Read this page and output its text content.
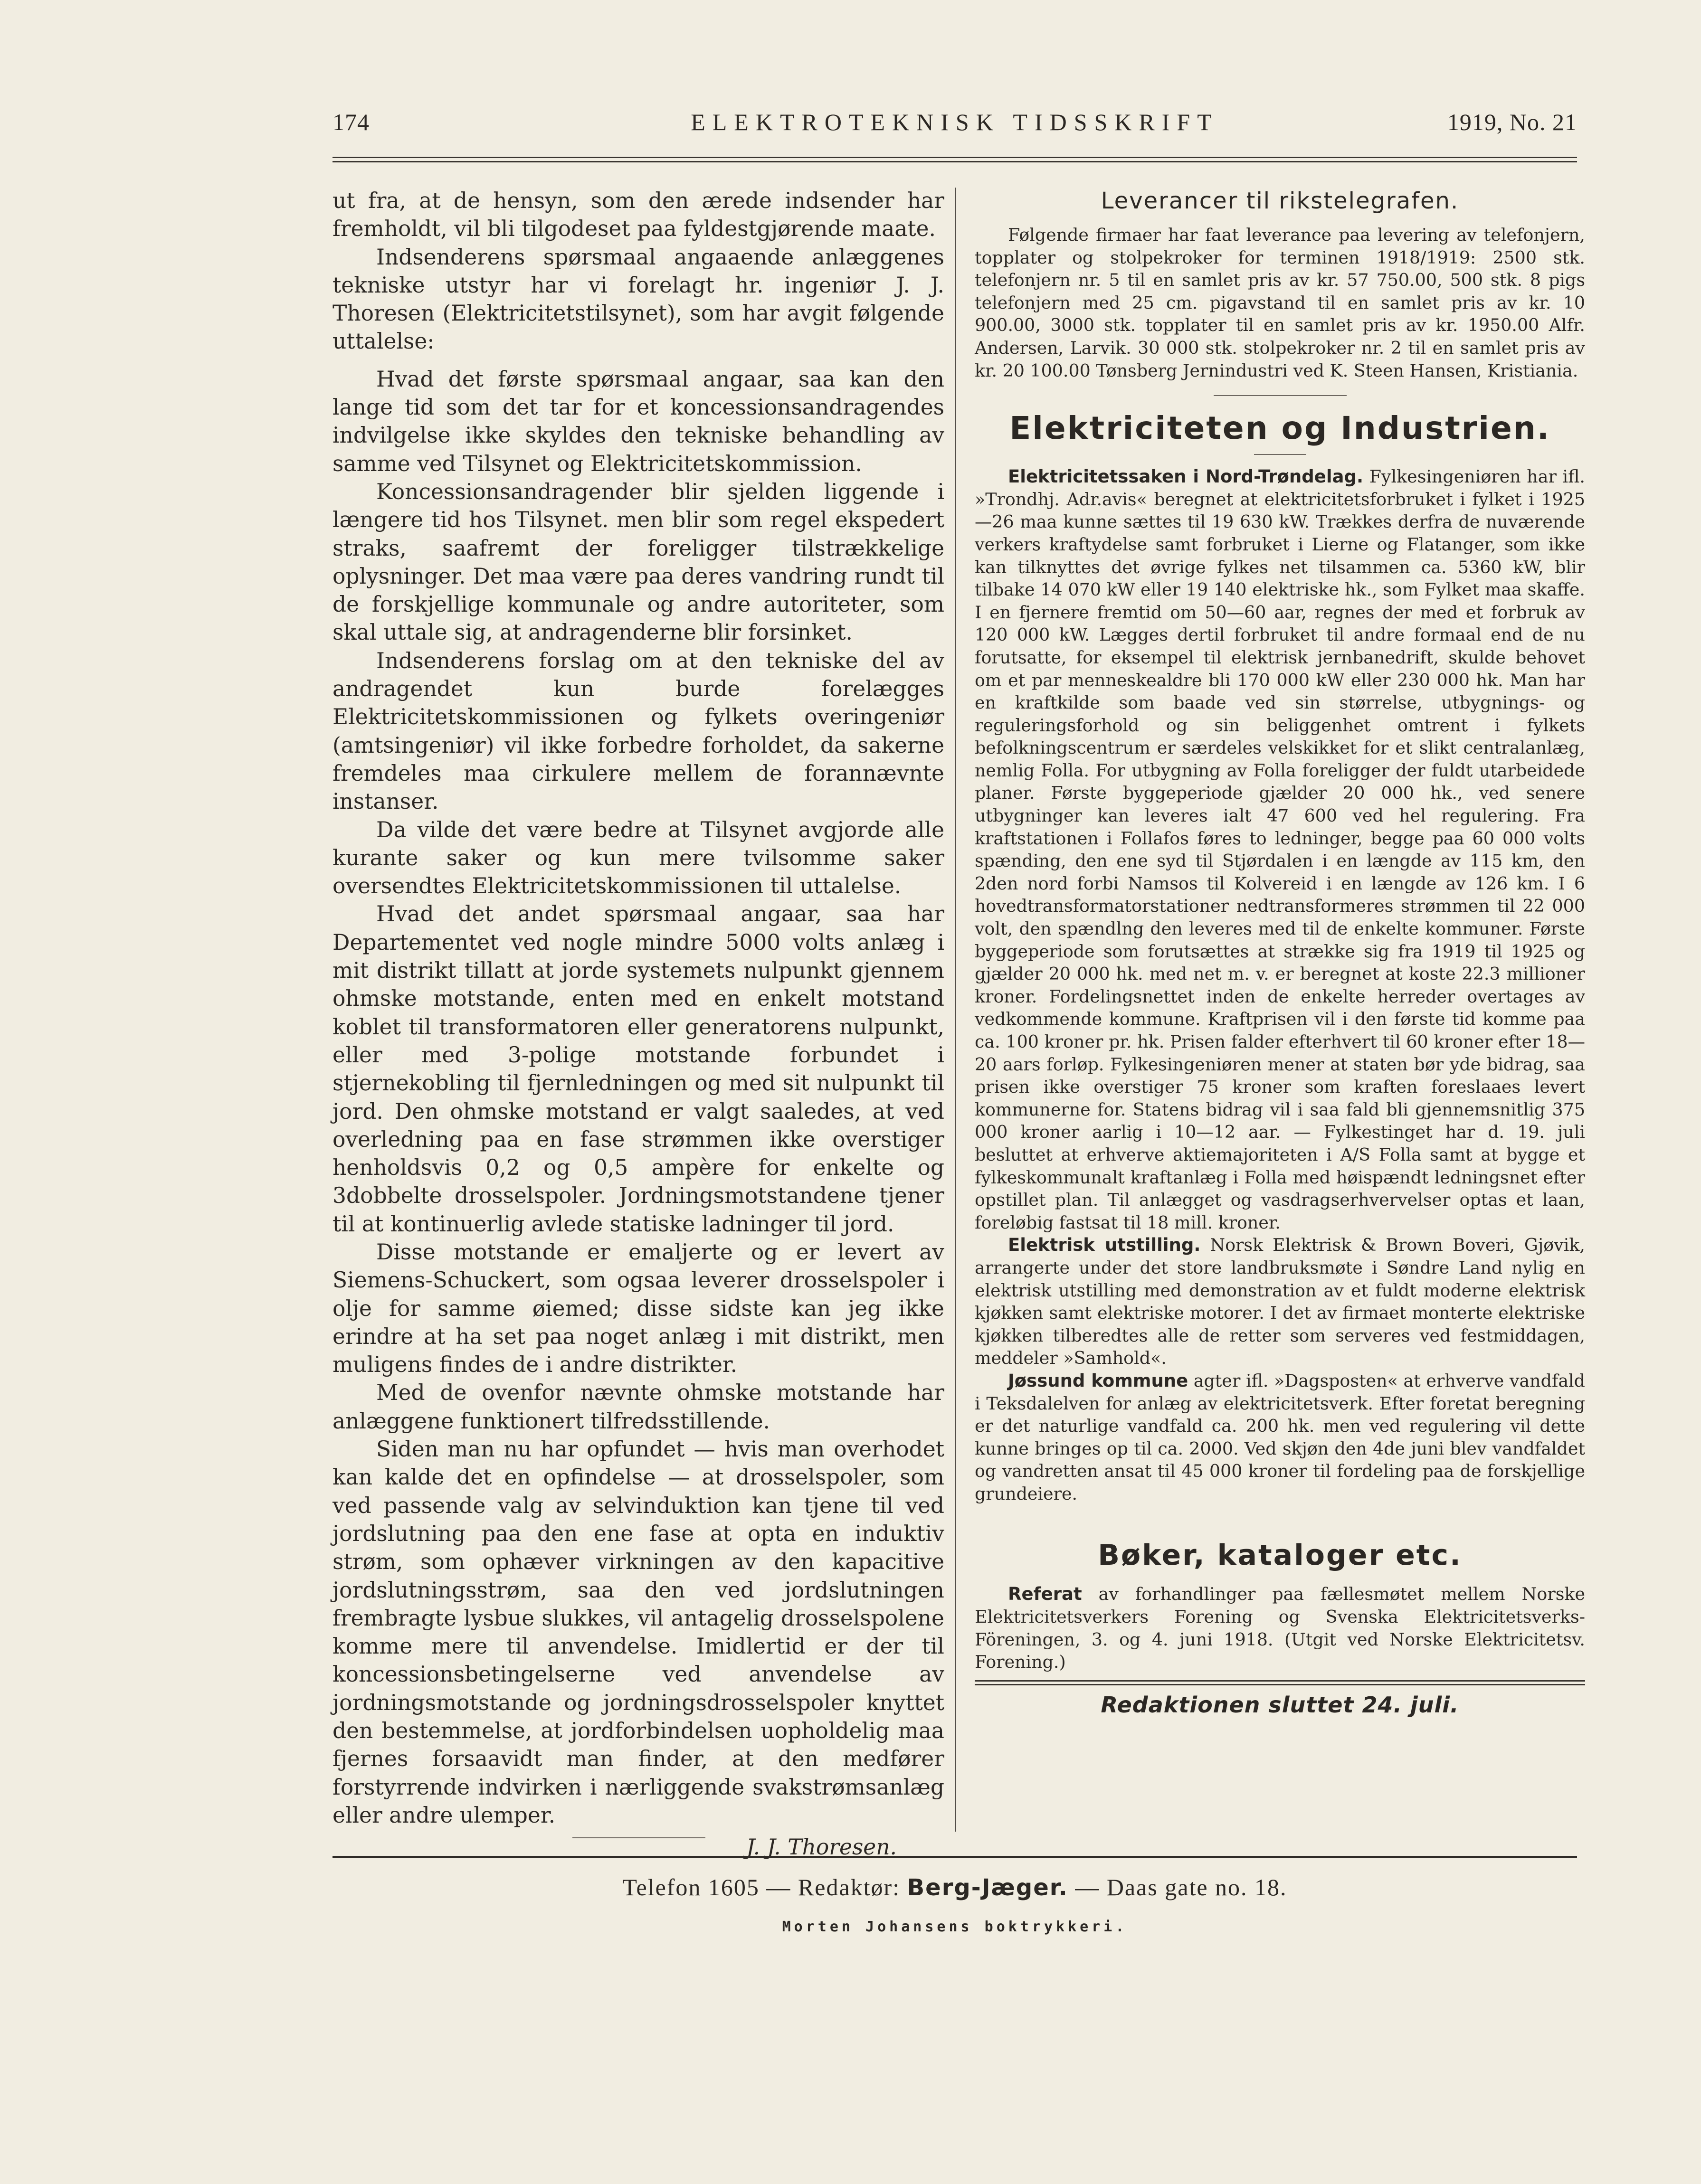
174	ELEKTROTEKNISK TIDSSKRIFT	1919, No. 21

ut fra, at de hensyn, som den ærede indsender har fremholdt, vil bli tilgodeset paa fyldestgjørende maate.

Indsenderens spørsmaal angaaende anlæggenes tekniske utstyr har vi forelagt hr. ingeniør J. J. Thoresen (Elektricitetstilsynet), som har avgit følgende uttalelse:

Hvad det første spørsmaal angaar, saa kan den lange tid som det tar for et koncessionsandragendes indvilgelse ikke skyldes den tekniske behandling av samme ved Tilsynet og Elektricitetskommission.

Koncessionsandragender blir sjelden liggende i længere tid hos Tilsynet. men blir som regel ekspedert straks, saafremt der foreligger tilstrækkelige oplysninger. Det maa være paa deres vandring rundt til de forskjellige kommunale og andre autoriteter, som skal uttale sig, at andragenderne blir forsinket.

Indsenderens forslag om at den tekniske del av andragendet kun burde forelægges Elektricitetskommissionen og fylkets overingeniør (amtsingeniør) vil ikke forbedre forholdet, da sakerne fremdeles maa cirkulere mellem de forannævnte instanser.

Da vilde det være bedre at Tilsynet avgjorde alle kurante saker og kun mere tvilsomme saker oversendtes Elektricitetskommissionen til uttalelse.

Hvad det andet spørsmaal angaar, saa har Departementet ved nogle mindre 5000 volts anlæg i mit distrikt tillatt at jorde systemets nulpunkt gjennem ohmske motstande, enten med en enkelt motstand koblet til transformatoren eller generatorens nulpunkt, eller med 3-polige motstande forbundet i stjernekobling til fjernledningen og med sit nulpunkt til jord. Den ohmske motstand er valgt saaledes, at ved overledning paa en fase strømmen ikke overstiger henholdsvis 0,2 og 0,5 ampère for enkelte og 3dobbelte drosselspoler. Jordningsmotstandene tjener til at kontinuerlig avlede statiske ladninger til jord.

Disse motstande er emaljerte og er levert av Siemens-Schuckert, som ogsaa leverer drosselspoler i olje for samme øiemed; disse sidste kan jeg ikke erindre at ha set paa noget anlæg i mit distrikt, men muligens findes de i andre distrikter.

Med de ovenfor nævnte ohmske motstande har anlæggene funktionert tilfredsstillende.

Siden man nu har opfundet — hvis man overhodet kan kalde det en opfindelse — at drosselspoler, som ved passende valg av selvinduktion kan tjene til ved jordslutning paa den ene fase at opta en induktiv strøm, som ophæver virkningen av den kapacitive jordslutningsstrøm, saa den ved jordslutningen frembragte lysbue slukkes, vil antagelig drosselspolene komme mere til anvendelse. Imidlertid er der til koncessionsbetingelserne ved anvendelse av jordningsmotstande og jordningsdrosselspoler knyttet den bestemmelse, at jordforbindelsen uopholdelig maa fjernes forsaavidt man finder, at den medfører forstyrrende indvirken i nærliggende svakstrømsanlæg eller andre ulemper.

J. J. Thoresen.
Leverancer til rikstelegrafen.

Følgende firmaer har faat leverance paa levering av telefonjern, topplater og stolpekroker for terminen 1918/1919: 2500 stk. telefonjern nr. 5 til en samlet pris av kr. 57 750.00, 500 stk. 8 pigs telefonjern med 25 cm. pigavstand til en samlet pris av kr. 10 900.00, 3000 stk. topplater til en samlet pris av kr. 1950.00 Alfr. Andersen, Larvik. 30 000 stk. stolpekroker nr. 2 til en samlet pris av kr. 20 100.00 Tønsberg Jernindustri ved K. Steen Hansen, Kristiania.

Elektriciteten og Industrien.

Elektricitetssaken i Nord-Trøndelag. Fylkesingeniøren har ifl. »Trondhj. Adr.avis« beregnet at elektricitetsforbruket i fylket i 1925—26 maa kunne sættes til 19 630 kW. Trækkes derfra de nuværende verkers kraftydelse samt forbruket i Lierne og Flatanger, som ikke kan tilknyttes det øvrige fylkes net tilsammen ca. 5360 kW, blir tilbake 14 070 kW eller 19 140 elektriske hk., som Fylket maa skaffe. I en fjernere fremtid om 50—60 aar, regnes der med et forbruk av 120 000 kW. Lægges dertil forbruket til andre formaal end de nu forutsatte, for eksempel til elektrisk jernbanedrift, skulde behovet om et par menneskealdre bli 170 000 kW eller 230 000 hk. Man har en kraftkilde som baade ved sin størrelse, utbygnings- og reguleringsforhold og sin beliggenhet omtrent i fylkets befolkningscentrum er særdeles velskikket for et slikt centralanlæg, nemlig Folla. For utbygning av Folla foreligger der fuldt utarbeidede planer. Første byggeperiode gjælder 20 000 hk., ved senere utbygninger kan leveres ialt 47 600 ved hel regulering. Fra kraftstationen i Follafos føres to ledninger, begge paa 60 000 volts spænding, den ene syd til Stjørdalen i en længde av 115 km, den 2den nord forbi Namsos til Kolvereid i en længde av 126 km. I 6 hovedtransformatorstationer nedtransformeres strømmen til 22 000 volt, den spændlng den leveres med til de enkelte kommuner. Første byggeperiode som forutsættes at strække sig fra 1919 til 1925 og gjælder 20 000 hk. med net m. v. er beregnet at koste 22.3 millioner kroner. Fordelingsnettet inden de enkelte herreder overtages av vedkommende kommune. Kraftprisen vil i den første tid komme paa ca. 100 kroner pr. hk. Prisen falder efterhvert til 60 kroner efter 18—20 aars forløp. Fylkesingeniøren mener at staten bør yde bidrag, saa prisen ikke overstiger 75 kroner som kraften foreslaaes levert kommunerne for. Statens bidrag vil i saa fald bli gjennemsnitlig 375 000 kroner aarlig i 10—12 aar. — Fylkestinget har d. 19. juli besluttet at erhverve aktiemajoriteten i A/S Folla samt at bygge et fylkeskommunalt kraftanlæg i Folla med høispændt ledningsnet efter opstillet plan. Til anlægget og vasdragserhvervelser optas et laan, foreløbig fastsat til 18 mill. kroner.

Elektrisk utstilling. Norsk Elektrisk & Brown Boveri, Gjøvik, arrangerte under det store landbruksmøte i Søndre Land nylig en elektrisk utstilling med demonstration av et fuldt moderne elektrisk kjøkken samt elektriske motorer. I det av firmaet monterte elektriske kjøkken tilberedtes alle de retter som serveres ved festmiddagen, meddeler »Samhold«.

Jøssund kommune agter ifl. »Dagsposten« at erhverve vandfald i Teksdalelven for anlæg av elektricitetsverk. Efter foretat beregning er det naturlige vandfald ca. 200 hk. men ved regulering vil dette kunne bringes op til ca. 2000. Ved skjøn den 4de juni blev vandfaldet og vandretten ansat til 45 000 kroner til fordeling paa de forskjellige grundeiere.

Bøker, kataloger etc.

Referat av forhandlinger paa fællesmøtet mellem Norske Elektricitetsverkers Forening og Svenska Elektricitetsverks-Föreningen, 3. og 4. juni 1918. (Utgit ved Norske Elektricitetsv. Forening.)

Redaktionen sluttet 24. juli.
Telefon 1605 — Redaktør: Berg-Jæger. — Daas gate no. 18.
Morten Johansens boktrykkeri.
